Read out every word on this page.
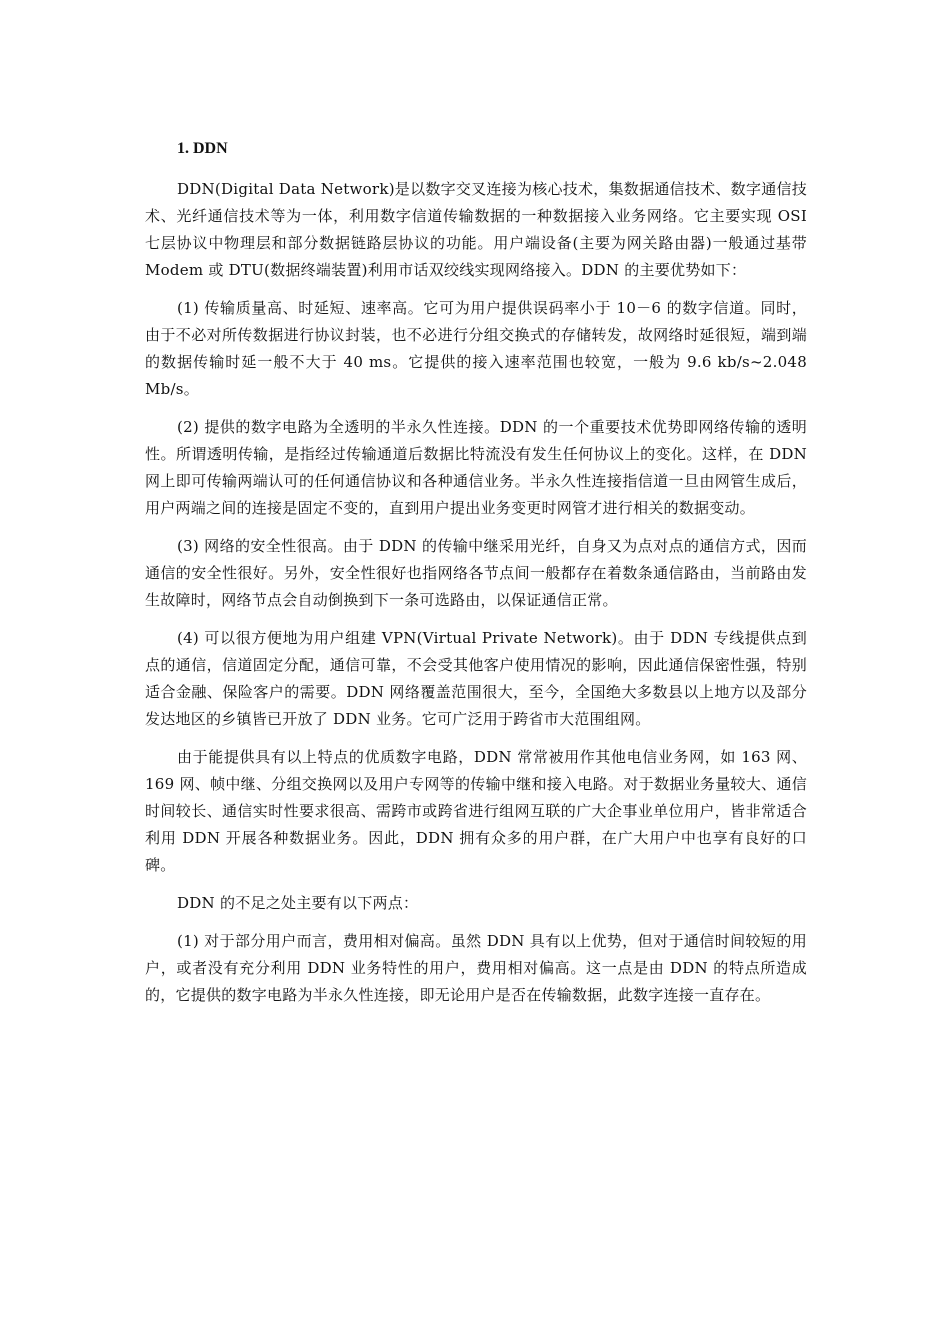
1. DDN

DDN(Digital Data Network)是以数字交叉连接为核心技术，集数据通信技术、数字通信技术、光纤通信技术等为一体，利用数字信道传输数据的一种数据接入业务网络。它主要实现 OSI 七层协议中物理层和部分数据链路层协议的功能。用户端设备(主要为网关路由器)一般通过基带 Modem 或 DTU(数据终端装置)利用市话双绞线实现网络接入。DDN 的主要优势如下：

(1) 传输质量高、时延短、速率高。它可为用户提供误码率小于 10－6 的数字信道。同时，由于不必对所传数据进行协议封装，也不必进行分组交换式的存储转发，故网络时延很短，端到端的数据传输时延一般不大于 40 ms。它提供的接入速率范围也较宽，一般为 9.6 kb/s~2.048 Mb/s。

(2) 提供的数字电路为全透明的半永久性连接。DDN 的一个重要技术优势即网络传输的透明性。所谓透明传输，是指经过传输通道后数据比特流没有发生任何协议上的变化。这样，在 DDN 网上即可传输两端认可的任何通信协议和各种通信业务。半永久性连接指信道一旦由网管生成后，用户两端之间的连接是固定不变的，直到用户提出业务变更时网管才进行相关的数据变动。

(3) 网络的安全性很高。由于 DDN 的传输中继采用光纤，自身又为点对点的通信方式，因而通信的安全性很好。另外，安全性很好也指网络各节点间一般都存在着数条通信路由，当前路由发生故障时，网络节点会自动倒换到下一条可选路由，以保证通信正常。

(4) 可以很方便地为用户组建 VPN(Virtual Private Network)。由于 DDN 专线提供点到点的通信，信道固定分配，通信可靠，不会受其他客户使用情况的影响，因此通信保密性强，特别适合金融、保险客户的需要。DDN 网络覆盖范围很大，至今，全国绝大多数县以上地方以及部分发达地区的乡镇皆已开放了 DDN 业务。它可广泛用于跨省市大范围组网。

由于能提供具有以上特点的优质数字电路，DDN 常常被用作其他电信业务网，如 163 网、169 网、帧中继、分组交换网以及用户专网等的传输中继和接入电路。对于数据业务量较大、通信时间较长、通信实时性要求很高、需跨市或跨省进行组网互联的广大企事业单位用户，皆非常适合利用 DDN 开展各种数据业务。因此，DDN 拥有众多的用户群，在广大用户中也享有良好的口碑。

DDN 的不足之处主要有以下两点：

(1) 对于部分用户而言，费用相对偏高。虽然 DDN 具有以上优势，但对于通信时间较短的用户，或者没有充分利用 DDN 业务特性的用户，费用相对偏高。这一点是由 DDN 的特点所造成的，它提供的数字电路为半永久性连接，即无论用户是否在传输数据，此数字连接一直存在。
